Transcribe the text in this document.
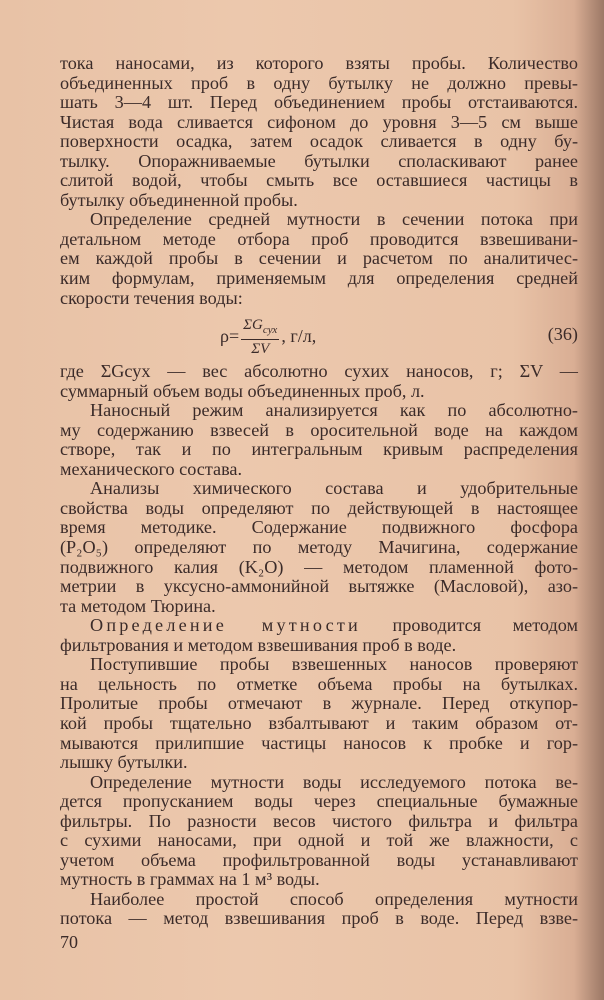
тока наносами, из которого взяты пробы. Количество
объединенных проб в одну бутылку не должно превы-
шать 3—4 шт. Перед объединением пробы отстаиваются.
Чистая вода сливается сифоном до уровня 3—5 см выше
поверхности осадка, затем осадок сливается в одну бу-
тылку. Опоражниваемые бутылки споласкивают ранее
слитой водой, чтобы смыть все оставшиеся частицы в
бутылку объединенной пробы.
Определение средней мутности в сечении потока при
детальном методе отбора проб проводится взвешивани-
ем каждой пробы в сечении и расчетом по аналитичес-
ким формулам, применяемым для определения средней
скорости течения воды:
$\rho= \frac{\Sigma G_{сух}}{\Sigma V}$ , г/л,	(36)
где ΣGсух — вес абсолютно сухих наносов, г; ΣV —
суммарный объем воды объединенных проб, л.
Наносный режим анализируется как по абсолютно-
му содержанию взвесей в оросительной воде на каждом
створе, так и по интегральным кривым распределения
механического состава.
Анализы химического состава и удобрительные
свойства воды определяют по действующей в настоящее
время методике. Содержание подвижного фосфора
(P₂O₅) определяют по методу Мачигина, содержание
подвижного калия (K₂O) — методом пламенной фото-
метрии в уксусно-аммонийной вытяжке (Масловой), азо-
та методом Тюрина.
Определение мутности проводится методом
фильтрования и методом взвешивания проб в воде.
Поступившие пробы взвешенных наносов проверяют
на цельность по отметке объема пробы на бутылках.
Пролитые пробы отмечают в журнале. Перед откупор-
кой пробы тщательно взбалтывают и таким образом от-
мываются прилипшие частицы наносов к пробке и гор-
лышку бутылки.
Определение мутности воды исследуемого потока ве-
дется пропусканием воды через специальные бумажные
фильтры. По разности весов чистого фильтра и фильтра
с сухими наносами, при одной и той же влажности, с
учетом объема профильтрованной воды устанавливают
мутность в граммах на 1 м³ воды.
Наиболее простой способ определения мутности
потока — метод взвешивания проб в воде. Перед взве-
70
